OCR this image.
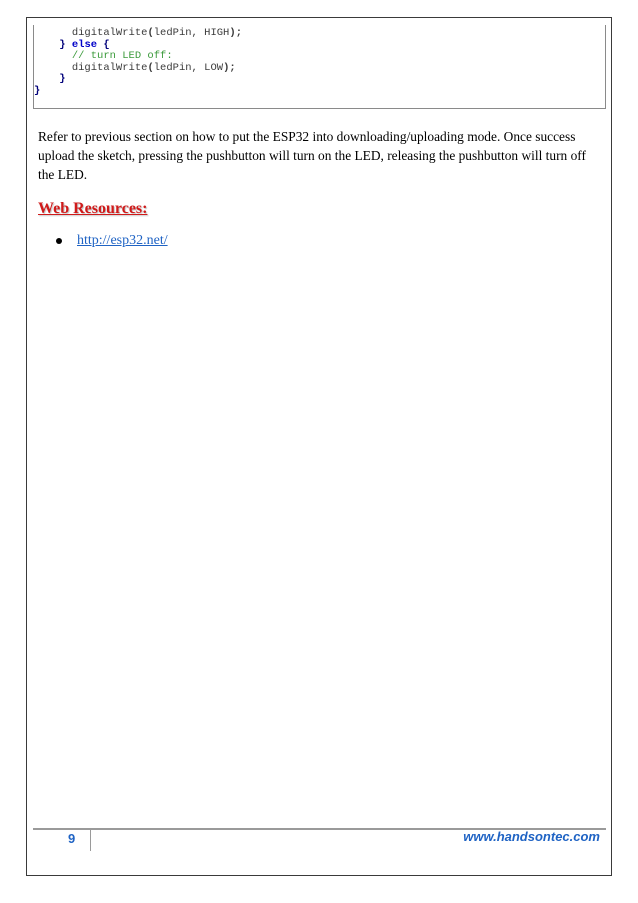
digitalWrite(ledPin, HIGH);
} else {
// turn LED off:
digitalWrite(ledPin, LOW);
}
}

Refer to previous section on how to put the ESP32 into downloading/uploading mode. Once success upload the sketch, pressing the pushbutton will turn on the LED, releasing the pushbutton will turn off the LED.

Web Resources:
http://esp32.net/
9	www.handsontec.com
